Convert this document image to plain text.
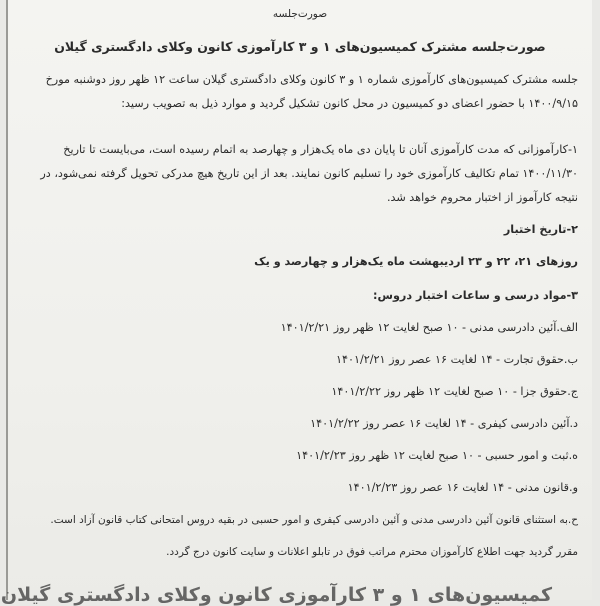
صورت‌جلسه
صورت‌جلسه مشترک کمیسیون‌های ۱ و ۳ کارآموزی کانون وکلای دادگستری گیلان
جلسه مشترک کمیسیون‌های کارآموزی شماره ۱ و ۳ کانون وکلای دادگستری گیلان ساعت ۱۲ ظهر روز دوشنبه مورخ
۱۴۰۰/۹/۱۵ با حضور اعضای دو کمیسیون در محل کانون تشکیل گردید و موارد ذیل به تصویب رسید:
۱-کارآموزانی که مدت کارآموزی آنان تا پایان دی ماه یک‌هزار و چهارصد به اتمام رسیده است، می‌بایست تا تاریخ
۱۴۰۰/۱۱/۳۰ تمام تکالیف کارآموزی خود را تسلیم کانون نمایند. بعد از این تاریخ هیچ مدرکی تحویل گرفته نمی‌شود، در
نتیجه کارآموز از اختبار محروم خواهد شد.
۲-تاریخ اختبار
روزهای ۲۱، ۲۲ و ۲۳ اردیبهشت ماه یک‌هزار و چهارصد و یک
۳-مواد درسی و ساعات اختبار دروس:
الف.آئین دادرسی مدنی - ۱۰ صبح لغایت ۱۲ ظهر روز ۱۴۰۱/۲/۲۱
ب.حقوق تجارت - ۱۴ لغایت ۱۶ عصر روز ۱۴۰۱/۲/۲۱
ج.حقوق جزا - ۱۰ صبح لغایت ۱۲ ظهر روز ۱۴۰۱/۲/۲۲
د.آئین دادرسی کیفری - ۱۴ لغایت ۱۶ عصر روز ۱۴۰۱/۲/۲۲
ه.ثبت و امور حسبی - ۱۰ صبح لغایت ۱۲ ظهر روز ۱۴۰۱/۲/۲۳
و.قانون مدنی - ۱۴ لغایت ۱۶ عصر روز ۱۴۰۱/۲/۲۳
ح.به استثنای قانون آئین دادرسی مدنی و آئین دادرسی کیفری و امور حسبی در بقیه دروس امتحانی کتاب قانون آزاد است.
مقرر گردید جهت اطلاع کارآموزان محترم مراتب فوق در تابلو اعلانات و سایت کانون درج گردد.
کمیسیون‌های ۱ و ۳ کارآموزی کانون وکلای دادگستری گیلان
